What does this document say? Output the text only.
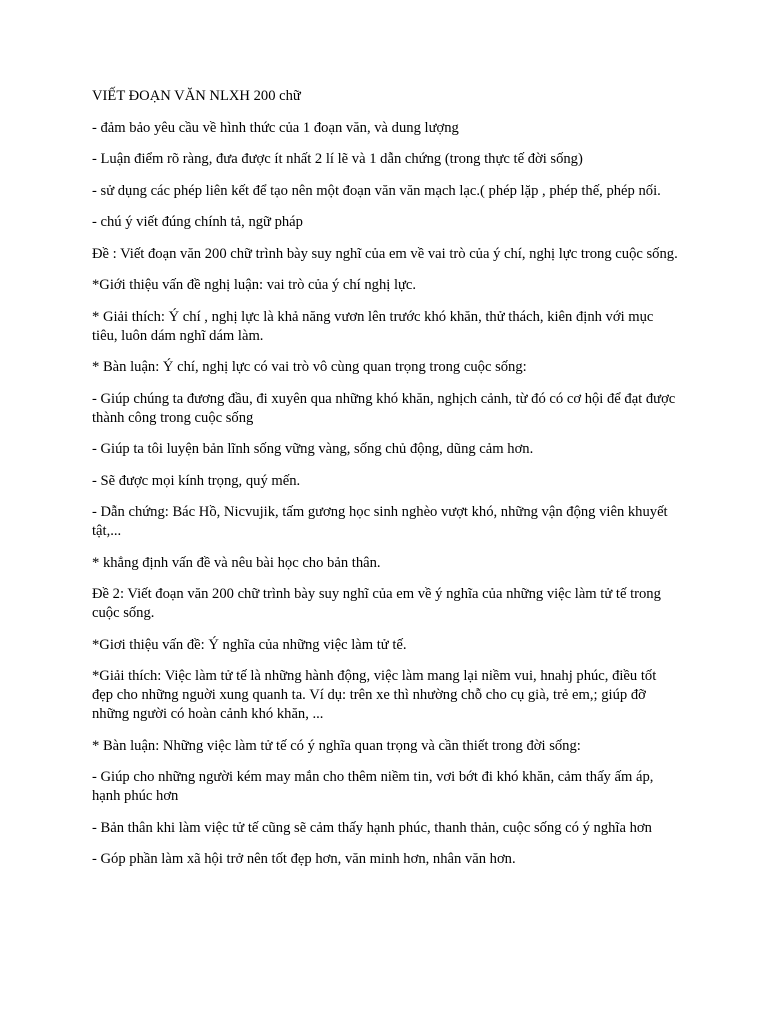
VIẾT ĐOẠN VĂN NLXH 200 chữ

- đảm bảo yêu cầu về hình thức của 1 đoạn văn, và dung lượng

- Luận điểm rõ ràng, đưa được ít nhất 2 lí lẽ và 1 dẫn chứng (trong thực tế đời sống)

- sử dụng các phép liên kết để tạo nên một đoạn văn văn mạch lạc.( phép lặp , phép thế, phép nối.

- chú ý viết đúng chính tả, ngữ pháp

Đề : Viết đoạn văn 200 chữ trình bày suy nghĩ của em về vai trò của ý chí, nghị lực trong cuộc sống.

*Giới thiệu vấn đề nghị luận: vai trò của ý chí nghị lực.

* Giải thích: Ý chí , nghị lực là khả năng vươn lên trước khó khăn, thử thách, kiên định với mục tiêu, luôn dám nghĩ dám làm.

* Bàn luận: Ý chí, nghị lực có vai trò vô cùng quan trọng trong cuộc sống:

- Giúp chúng ta đương đầu, đi xuyên qua những khó khăn, nghịch cảnh, từ đó có cơ hội để đạt được thành công trong cuộc sống

- Giúp ta tôi luyện bản lĩnh sống vững vàng, sống chủ động, dũng cảm hơn.

- Sẽ được mọi kính trọng, quý mến.

- Dẫn chứng: Bác Hồ, Nicvujik, tấm gương học sinh nghèo vượt khó, những vận động viên khuyết tật,...

* khẳng định vấn đề và nêu bài học cho bản thân.

Đề 2: Viết đoạn văn 200 chữ trình bày suy nghĩ của em về ý nghĩa của những việc làm tử tế trong cuộc sống.

*Giơi thiệu vấn đề: Ý nghĩa của những việc làm tử tế.

*Giải thích: Việc làm tử tế là những hành động, việc làm mang lại niềm vui, hnahj phúc, điều tốt đẹp cho những nguời xung quanh ta. Ví dụ: trên xe thì nhường chỗ cho cụ già, trẻ em,; giúp đỡ những người có hoàn cảnh khó khăn, ...

* Bàn luận: Những việc làm tử tế có ý nghĩa quan trọng và cần thiết trong đời sống:

- Giúp cho những người kém may mắn cho thêm niềm tin, vơi bớt đi khó khăn, cảm thấy ấm áp, hạnh phúc hơn

- Bản thân khi làm việc tử tế cũng sẽ cảm thấy hạnh phúc, thanh thản, cuộc sống có ý nghĩa hơn

- Góp phần làm xã hội trở nên tốt đẹp hơn, văn minh hơn, nhân văn hơn.
